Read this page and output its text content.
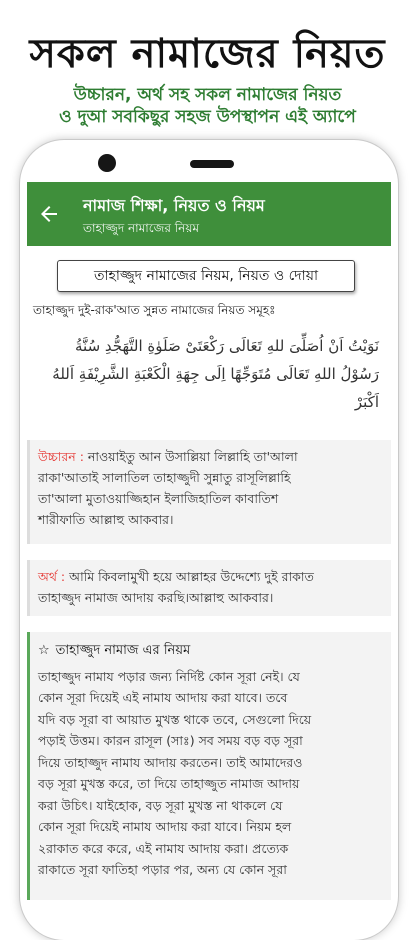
সকল নামাজের নিয়ত
উচ্চারন, অর্থ সহ সকল নামাজের নিয়ত
ও দুআ সবকিছুর সহজ উপস্থাপন এই অ্যাপে
নামাজ শিক্ষা, নিয়ত ও নিয়ম
তাহাজ্জুদ নামাজের নিয়ম
তাহাজ্জুদ নামাজের নিয়ম, নিয়ত ও দোয়া
তাহাজ্জুদ দুই-রাক'আত সুন্নত নামাজের নিয়ত সমূহঃ
نَوَيْتُ اَنْ اُصَلِّىَ للهِ تَعَالَى رَكْعَتَىْ صَلَوٰةِ التَّهَجُّدِ سُنَّةُ
رَسُوْلُ اللهِ تَعَالَى مُتَوَجِّهًا اِلَى جِهَةِ الْكَعْبَةِ الشَّرِيْفَةِ اَللهُ
اَكْبَرْ
উচ্চারন : নাওয়াইতু আন উসাল্লিয়া লিল্লাহি তা'আলা
রাকা'আতাই সালাতিল তাহাজ্জুদী সুন্নাতু রাসূলিল্লাহি
তা'আলা মুতাওয়াজ্জিহান ইলাজিহাতিল কাবাতিশ
শারীফাতি আল্লাহু আকবার।
অর্থ : আমি কিবলামুখী হয়ে আল্লাহর উদ্দেশ্যে দুই রাকাত
তাহাজ্জুদ নামাজ আদায় করছি।আল্লাহু আকবার।
☆ তাহাজ্জুদ নামাজ এর নিয়ম
তাহাজ্জুদ নামায পড়ার জন্য নির্দিষ্ট কোন সূরা নেই। যে
কোন সূরা দিয়েই এই নামায আদায় করা যাবে। তবে
যদি বড় সূরা বা আয়াত মুখস্ত থাকে তবে, সেগুলো দিয়ে
পড়াই উত্তম। কারন রাসূল (সাঃ) সব সময় বড় বড় সূরা
দিয়ে তাহাজ্জুদ নামায আদায় করতেন। তাই আমাদেরও
বড় সূরা মুখস্ত করে, তা দিয়ে তাহাজ্জুত নামাজ আদায়
করা উচিৎ। যাইহোক, বড় সূরা মুখস্ত না থাকলে যে
কোন সূরা দিয়েই নামায আদায় করা যাবে। নিয়ম হল
২রাকাত করে করে, এই নামায আদায় করা। প্রত্যেক
রাকাতে সূরা ফাতিহা পড়ার পর, অন্য যে কোন সূরা
